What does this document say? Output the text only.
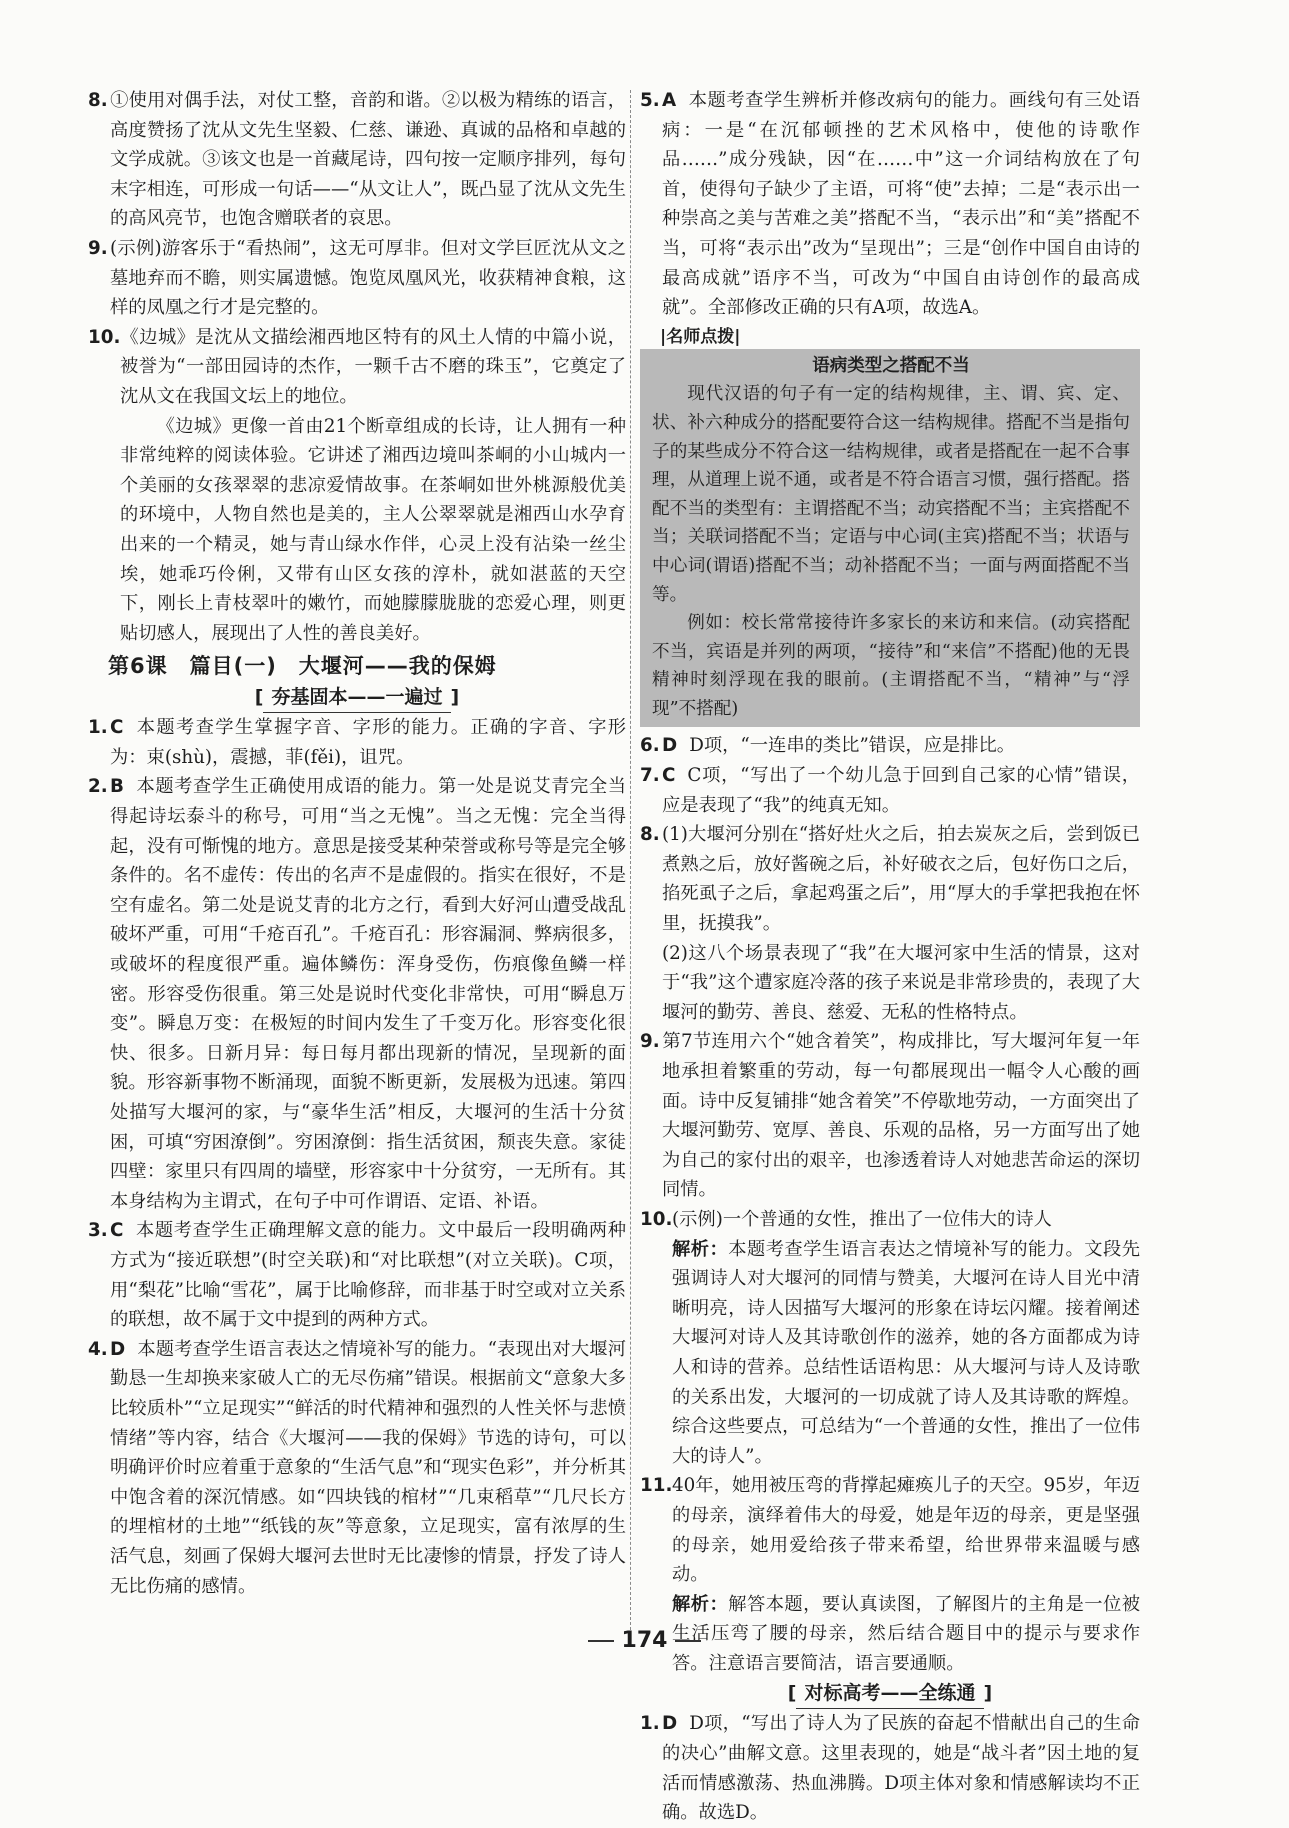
8. ①使用对偶手法，对仗工整，音韵和谐。②以极为精练的语言，高度赞扬了沈从文先生坚毅、仁慈、谦逊、真诚的品格和卓越的文学成就。③该文也是一首藏尾诗，四句按一定顺序排列，每句末字相连，可形成一句话——“从文让人”，既凸显了沈从文先生的高风亮节，也饱含赠联者的哀思。

9. (示例)游客乐于“看热闹”，这无可厚非。但对文学巨匠沈从文之墓地弃而不瞻，则实属遗憾。饱览凤凰风光，收获精神食粮，这样的凤凰之行才是完整的。

10.《边城》是沈从文描绘湘西地区特有的风土人情的中篇小说，被誉为“一部田园诗的杰作，一颗千古不磨的珠玉”，它奠定了沈从文在我国文坛上的地位。
《边城》更像一首由21个断章组成的长诗，让人拥有一种非常纯粹的阅读体验。它讲述了湘西边境叫茶峒的小山城内一个美丽的女孩翠翠的悲凉爱情故事。在茶峒如世外桃源般优美的环境中，人物自然也是美的，主人公翠翠就是湘西山水孕育出来的一个精灵，她与青山绿水作伴，心灵上没有沾染一丝尘埃，她乖巧伶俐，又带有山区女孩的淳朴，就如湛蓝的天空下，刚长上青枝翠叶的嫩竹，而她朦朦胧胧的恋爱心理，则更贴切感人，展现出了人性的善良美好。

第6课　篇目(一)　大堰河——我的保姆

[ 夯基固本——一遍过 ]

1. C 本题考查学生掌握字音、字形的能力。正确的字音、字形为：束(shù)，震撼，菲(fěi)，诅咒。

2. B 本题考查学生正确使用成语的能力。第一处是说艾青完全当得起诗坛泰斗的称号，可用“当之无愧”。当之无愧：完全当得起，没有可惭愧的地方。意思是接受某种荣誉或称号等是完全够条件的。名不虚传：传出的名声不是虚假的。指实在很好，不是空有虚名。第二处是说艾青的北方之行，看到大好河山遭受战乱破坏严重，可用“千疮百孔”。千疮百孔：形容漏洞、弊病很多，或破坏的程度很严重。遍体鳞伤：浑身受伤，伤痕像鱼鳞一样密。形容受伤很重。第三处是说时代变化非常快，可用“瞬息万变”。瞬息万变：在极短的时间内发生了千变万化。形容变化很快、很多。日新月异：每日每月都出现新的情况，呈现新的面貌。形容新事物不断涌现，面貌不断更新，发展极为迅速。第四处描写大堰河的家，与“豪华生活”相反，大堰河的生活十分贫困，可填“穷困潦倒”。穷困潦倒：指生活贫困，颓丧失意。家徒四壁：家里只有四周的墙壁，形容家中十分贫穷，一无所有。其本身结构为主谓式，在句子中可作谓语、定语、补语。

3. C 本题考查学生正确理解文意的能力。文中最后一段明确两种方式为“接近联想”(时空关联)和“对比联想”(对立关联)。C项，用“梨花”比喻“雪花”，属于比喻修辞，而非基于时空或对立关系的联想，故不属于文中提到的两种方式。

4. D 本题考查学生语言表达之情境补写的能力。“表现出对大堰河勤恳一生却换来家破人亡的无尽伤痛”错误。根据前文“意象大多比较质朴”“立足现实”“鲜活的时代精神和强烈的人性关怀与悲愤情绪”等内容，结合《大堰河——我的保姆》节选的诗句，可以明确评价时应着重于意象的“生活气息”和“现实色彩”，并分析其中饱含着的深沉情感。如“四块钱的棺材”“几束稻草”“几尺长方的埋棺材的土地”“纸钱的灰”等意象，立足现实，富有浓厚的生活气息，刻画了保姆大堰河去世时无比凄惨的情景，抒发了诗人无比伤痛的感情。

5. A 本题考查学生辨析并修改病句的能力。画线句有三处语病：一是“在沉郁顿挫的艺术风格中，使他的诗歌作品……”成分残缺，因“在……中”这一介词结构放在了句首，使得句子缺少了主语，可将“使”去掉；二是“表示出一种崇高之美与苦难之美”搭配不当，“表示出”和“美”搭配不当，可将“表示出”改为“呈现出”；三是“创作中国自由诗的最高成就”语序不当，可改为“中国自由诗创作的最高成就”。全部修改正确的只有A项，故选A。

|名师点拨|
语病类型之搭配不当
现代汉语的句子有一定的结构规律，主、谓、宾、定、状、补六种成分的搭配要符合这一结构规律。搭配不当是指句子的某些成分不符合这一结构规律，或者是搭配在一起不合事理，从道理上说不通，或者是不符合语言习惯，强行搭配。搭配不当的类型有：主谓搭配不当；动宾搭配不当；主宾搭配不当；关联词搭配不当；定语与中心词(主宾)搭配不当；状语与中心词(谓语)搭配不当；动补搭配不当；一面与两面搭配不当等。
例如：校长常常接待许多家长的来访和来信。(动宾搭配不当，宾语是并列的两项，“接待”和“来信”不搭配)他的无畏精神时刻浮现在我的眼前。(主谓搭配不当，“精神”与“浮现”不搭配)

6. D D项，“一连串的类比”错误，应是排比。

7. C C项，“写出了一个幼儿急于回到自己家的心情”错误，应是表现了“我”的纯真无知。

8. (1)大堰河分别在“搭好灶火之后，拍去炭灰之后，尝到饭已煮熟之后，放好酱碗之后，补好破衣之后，包好伤口之后，掐死虱子之后，拿起鸡蛋之后”，用“厚大的手掌把我抱在怀里，抚摸我”。
(2)这八个场景表现了“我”在大堰河家中生活的情景，这对于“我”这个遭家庭冷落的孩子来说是非常珍贵的，表现了大堰河的勤劳、善良、慈爱、无私的性格特点。

9. 第7节连用六个“她含着笑”，构成排比，写大堰河年复一年地承担着繁重的劳动，每一句都展现出一幅令人心酸的画面。诗中反复铺排“她含着笑”不停歇地劳动，一方面突出了大堰河勤劳、宽厚、善良、乐观的品格，另一方面写出了她为自己的家付出的艰辛，也渗透着诗人对她悲苦命运的深切同情。

10.(示例)一个普通的女性，推出了一位伟大的诗人
解析：本题考查学生语言表达之情境补写的能力。文段先强调诗人对大堰河的同情与赞美，大堰河在诗人目光中清晰明亮，诗人因描写大堰河的形象在诗坛闪耀。接着阐述大堰河对诗人及其诗歌创作的滋养，她的各方面都成为诗人和诗的营养。总结性话语构思：从大堰河与诗人及诗歌的关系出发，大堰河的一切成就了诗人及其诗歌的辉煌。综合这些要点，可总结为“一个普通的女性，推出了一位伟大的诗人”。

11.40年，她用被压弯的背撑起瘫痪儿子的天空。95岁，年迈的母亲，演绎着伟大的母爱，她是年迈的母亲，更是坚强的母亲，她用爱给孩子带来希望，给世界带来温暖与感动。
解析：解答本题，要认真读图，了解图片的主角是一位被生活压弯了腰的母亲，然后结合题目中的提示与要求作答。注意语言要简洁，语言要通顺。

[ 对标高考——全练通 ]

1. D D项，“写出了诗人为了民族的奋起不惜献出自己的生命的决心”曲解文意。这里表现的，她是“战斗者”因土地的复活而情感激荡、热血沸腾。D项主体对象和情感解读均不正确。故选D。

174
